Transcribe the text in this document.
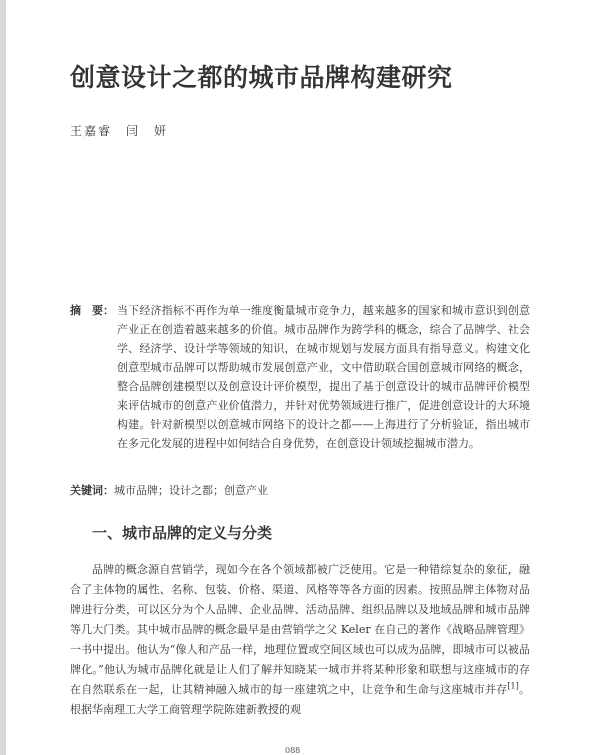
创意设计之都的城市品牌构建研究
王嘉睿　闫　妍
摘　要： 当下经济指标不再作为单一维度衡量城市竞争力，越来越多的国家和城市意识到创意产业正在创造着越来越多的价值。城市品牌作为跨学科的概念，综合了品牌学、社会学、经济学、设计学等领域的知识，在城市规划与发展方面具有指导意义。构建文化创意型城市品牌可以帮助城市发展创意产业，文中借助联合国创意城市网络的概念，整合品牌创建模型以及创意设计评价模型，提出了基于创意设计的城市品牌评价模型来评估城市的创意产业价值潜力，并针对优势领域进行推广，促进创意设计的大环境构建。针对新模型以创意城市网络下的设计之都——上海进行了分析验证，指出城市在多元化发展的进程中如何结合自身优势，在创意设计领域挖掘城市潜力。
关键词：城市品牌；设计之都；创意产业
一、城市品牌的定义与分类
品牌的概念源自营销学，现如今在各个领域都被广泛使用。它是一种错综复杂的象征，融合了主体物的属性、名称、包装、价格、渠道、风格等等各方面的因素。按照品牌主体物对品牌进行分类，可以区分为个人品牌、企业品牌、活动品牌、组织品牌以及地域品牌和城市品牌等几大门类。其中城市品牌的概念最早是由营销学之父 Keler 在自己的著作《战略品牌管理》一书中提出。他认为“像人和产品一样，地理位置或空间区域也可以成为品牌，即城市可以被品牌化。”他认为城市品牌化就是让人们了解并知晓某一城市并将某种形象和联想与这座城市的存在自然联系在一起，让其精神融入城市的每一座建筑之中，让竞争和生命与这座城市并存[1]。根据华南理工大学工商管理学院陈建新教授的观
088
